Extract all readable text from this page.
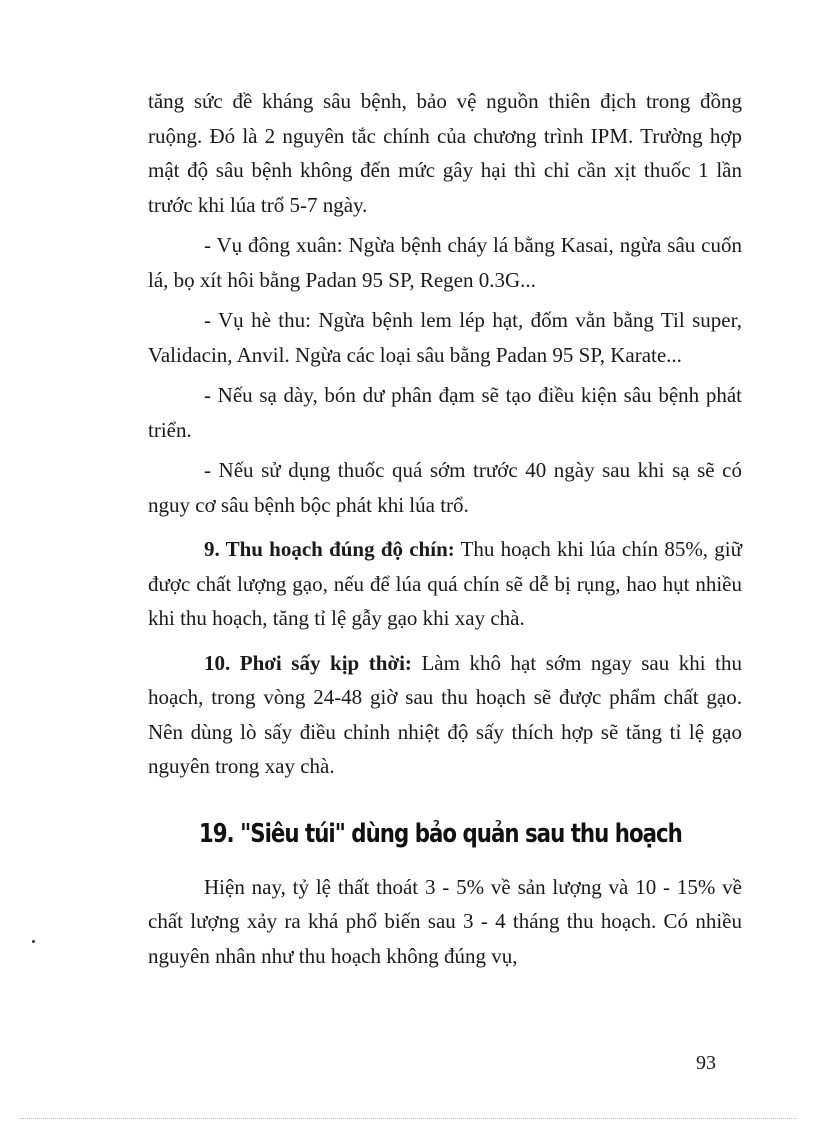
tăng sức đề kháng sâu bệnh, bảo vệ nguồn thiên địch trong đồng ruộng. Đó là 2 nguyên tắc chính của chương trình IPM. Trường hợp mật độ sâu bệnh không đến mức gây hại thì chỉ cần xịt thuốc 1 lần trước khi lúa trổ 5-7 ngày.

- Vụ đông xuân: Ngừa bệnh cháy lá bằng Kasai, ngừa sâu cuốn lá, bọ xít hôi bằng Padan 95 SP, Regen 0.3G...

- Vụ hè thu: Ngừa bệnh lem lép hạt, đốm vằn bằng Til super, Validacin, Anvil. Ngừa các loại sâu bằng Padan 95 SP, Karate...

- Nếu sạ dày, bón dư phân đạm sẽ tạo điều kiện sâu bệnh phát triển.

- Nếu sử dụng thuốc quá sớm trước 40 ngày sau khi sạ sẽ có nguy cơ sâu bệnh bộc phát khi lúa trổ.

9. Thu hoạch đúng độ chín: Thu hoạch khi lúa chín 85%, giữ được chất lượng gạo, nếu để lúa quá chín sẽ dễ bị rụng, hao hụt nhiều khi thu hoạch, tăng tỉ lệ gẫy gạo khi xay chà.

10. Phơi sấy kịp thời: Làm khô hạt sớm ngay sau khi thu hoạch, trong vòng 24-48 giờ sau thu hoạch sẽ được phẩm chất gạo. Nên dùng lò sấy điều chỉnh nhiệt độ sấy thích hợp sẽ tăng tỉ lệ gạo nguyên trong xay chà.

19. "Siêu túi" dùng bảo quản sau thu hoạch

Hiện nay, tỷ lệ thất thoát 3 - 5% về sản lượng và 10 - 15% về chất lượng xảy ra khá phổ biến sau 3 - 4 tháng thu hoạch. Có nhiều nguyên nhân như thu hoạch không đúng vụ,

93
